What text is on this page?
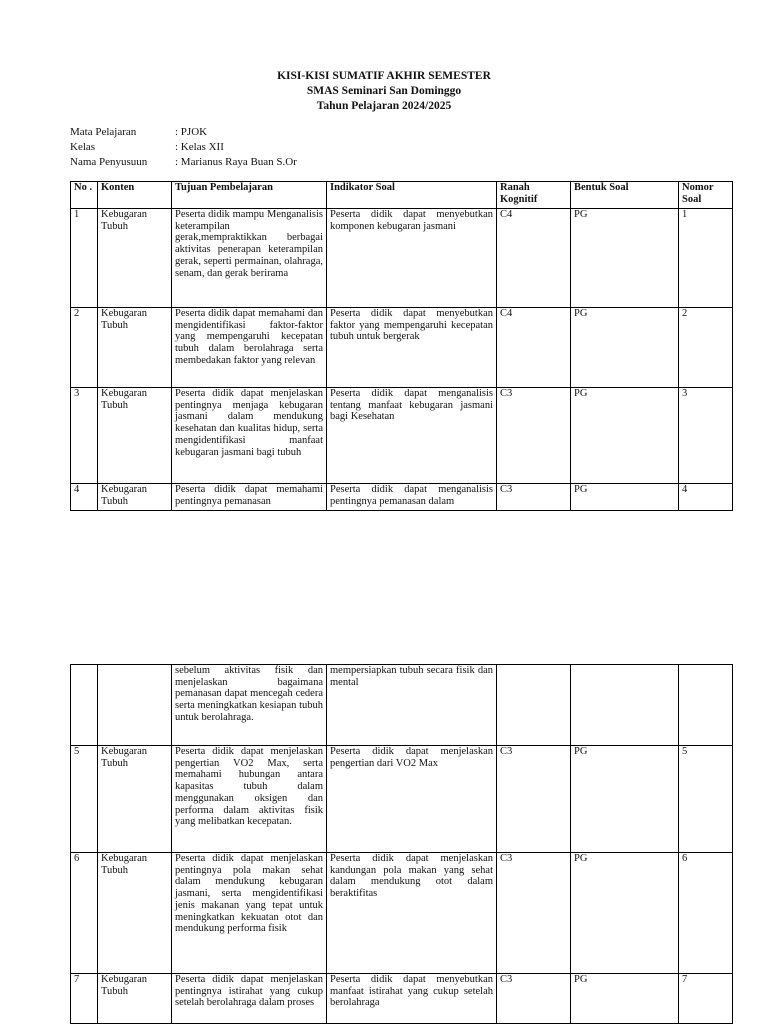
KISI-KISI SUMATIF AKHIR SEMESTER
SMAS Seminari San Dominggo
Tahun Pelajaran 2024/2025
Mata Pelajaran	: PJOK
Kelas	: Kelas XII
Nama Penyusuun	: Marianus Raya Buan S.Or
No .	Konten	Tujuan Pembelajaran	Indikator Soal	Ranah Kognitif	Bentuk Soal	Nomor Soal
1	Kebugaran Tubuh	Peserta didik mampu Menganalisis keterampilan gerak,mempraktikkan berbagai aktivitas penerapan keterampilan gerak, seperti permainan, olahraga, senam, dan gerak berirama	Peserta didik dapat menyebutkan komponen kebugaran jasmani	C4	PG	1
2	Kebugaran Tubuh	Peserta didik dapat memahami dan mengidentifikasi faktor-faktor yang mempengaruhi kecepatan tubuh dalam berolahraga serta membedakan faktor yang relevan	Peserta didik dapat menyebutkan faktor yang mempengaruhi kecepatan tubuh untuk bergerak	C4	PG	2
3	Kebugaran Tubuh	Peserta didik dapat menjelaskan pentingnya menjaga kebugaran jasmani dalam mendukung kesehatan dan kualitas hidup, serta mengidentifikasi manfaat kebugaran jasmani bagi tubuh	Peserta didik dapat menganalisis tentang manfaat kebugaran jasmani bagi Kesehatan	C3	PG	3
4	Kebugaran Tubuh	Peserta didik dapat memahami pentingnya pemanasan	Peserta didik dapat menganalisis pentingnya pemanasan dalam	C3	PG	4
		sebelum aktivitas fisik dan menjelaskan bagaimana pemanasan dapat mencegah cedera serta meningkatkan kesiapan tubuh untuk berolahraga.	mempersiapkan tubuh secara fisik dan mental			
5	Kebugaran Tubuh	Peserta didik dapat menjelaskan pengertian VO2 Max, serta memahami hubungan antara kapasitas tubuh dalam menggunakan oksigen dan performa dalam aktivitas fisik yang melibatkan kecepatan.	Peserta didik dapat menjelaskan pengertian dari VO2 Max	C3	PG	5
6	Kebugaran Tubuh	Peserta didik dapat menjelaskan pentingnya pola makan sehat dalam mendukung kebugaran jasmani, serta mengidentifikasi jenis makanan yang tepat untuk meningkatkan kekuatan otot dan mendukung performa fisik	Peserta didik dapat menjelaskan kandungan pola makan yang sehat dalam mendukung otot dalam beraktifitas	C3	PG	6
7	Kebugaran Tubuh	Peserta didik dapat menjelaskan pentingnya istirahat yang cukup setelah berolahraga dalam proses	Peserta didik dapat menyebutkan manfaat istirahat yang cukup setelah berolahraga	C3	PG	7
